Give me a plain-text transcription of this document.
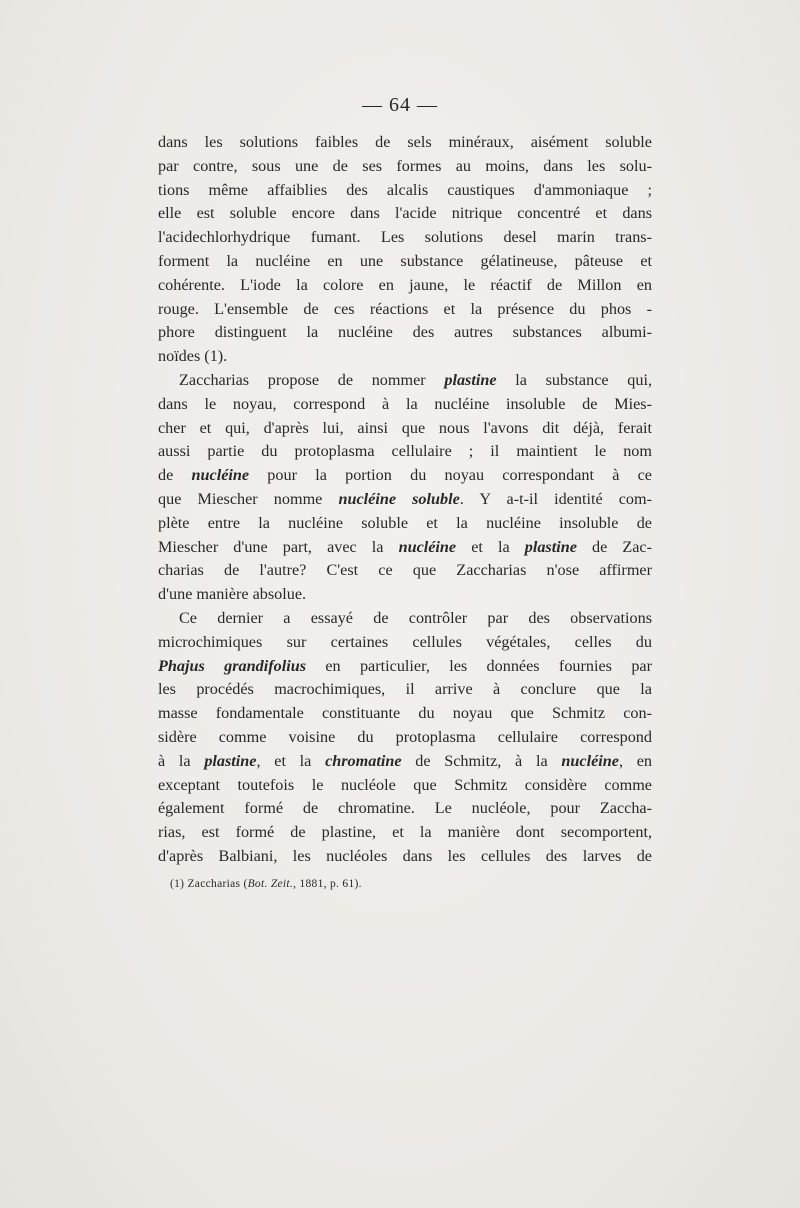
— 64 —
dans les solutions faibles de sels minéraux, aisément soluble
par contre, sous une de ses formes au moins, dans les solu-
tions même affaiblies des alcalis caustiques d'ammoniaque ;
elle est soluble encore dans l'acide nitrique concentré et dans
l'acidechlorhydrique fumant. Les solutions desel marin trans-
forment la nucléine en une substance gélatineuse, pâteuse et
cohérente. L'iode la colore en jaune, le réactif de Millon en
rouge. L'ensemble de ces réactions et la présence du phos -
phore distinguent la nucléine des autres substances albumi-
noïdes (1).
Zaccharias propose de nommer plastine la substance qui,
dans le noyau, correspond à la nucléine insoluble de Mies-
cher et qui, d'après lui, ainsi que nous l'avons dit déjà, ferait
aussi partie du protoplasma cellulaire ; il maintient le nom
de nucléine pour la portion du noyau correspondant à ce
que Miescher nomme nucléine soluble. Y a-t-il identité com-
plète entre la nucléine soluble et la nucléine insoluble de
Miescher d'une part, avec la nucléine et la plastine de Zac-
charias de l'autre? C'est ce que Zaccharias n'ose affirmer
d'une manière absolue.
Ce dernier a essayé de contrôler par des observations
microchimiques sur certaines cellules végétales, celles du
Phajus grandifolius en particulier, les données fournies par
les procédés macrochimiques, il arrive à conclure que la
masse fondamentale constituante du noyau que Schmitz con-
sidère comme voisine du protoplasma cellulaire correspond
à la plastine, et la chromatine de Schmitz, à la nucléine, en
exceptant toutefois le nucléole que Schmitz considère comme
également formé de chromatine. Le nucléole, pour Zaccha-
rias, est formé de plastine, et la manière dont secomportent,
d'après Balbiani, les nucléoles dans les cellules des larves de
(1) Zaccharias (Bot. Zeit., 1881, p. 61).
